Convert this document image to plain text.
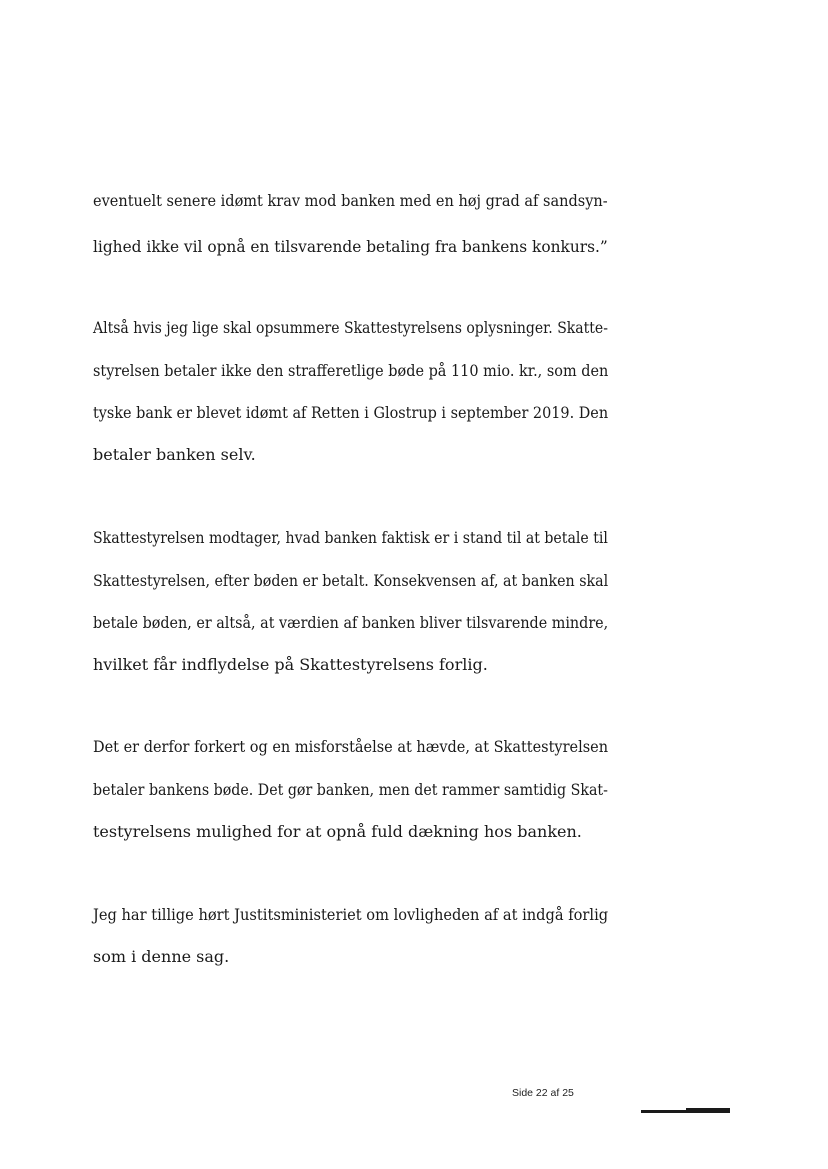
eventuelt senere idømt krav mod banken med en høj grad af sandsyn-

lighed ikke vil opnå en tilsvarende betaling fra bankens konkurs.”

Altså hvis jeg lige skal opsummere Skattestyrelsens oplysninger. Skatte-

styrelsen betaler ikke den strafferetlige bøde på 110 mio. kr., som den

tyske bank er blevet idømt af Retten i Glostrup i september 2019. Den

betaler banken selv.

Skattestyrelsen modtager, hvad banken faktisk er i stand til at betale til

Skattestyrelsen, efter bøden er betalt. Konsekvensen af, at banken skal

betale bøden, er altså, at værdien af banken bliver tilsvarende mindre,

hvilket får indflydelse på Skattestyrelsens forlig.

Det er derfor forkert og en misforståelse at hævde, at Skattestyrelsen

betaler bankens bøde. Det gør banken, men det rammer samtidig Skat-

testyrelsens mulighed for at opnå fuld dækning hos banken.

Jeg har tillige hørt Justitsministeriet om lovligheden af at indgå forlig

som i denne sag.

Side 22 af 25
